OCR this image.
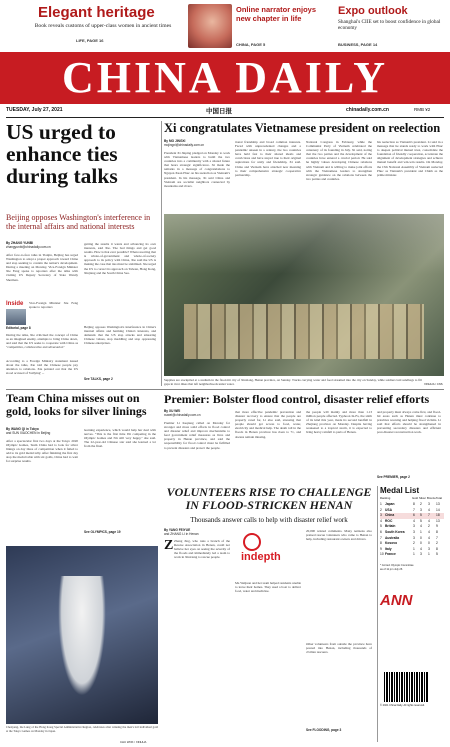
Elegant heritage
Book reveals customs of upper-class women in ancient times
LIFE, PAGE 16
Online narrator enjoys new chapter in life
CHINA, PAGE 5
Expo outlook
Shanghai's CIIE set to boost confidence in global economy
BUSINESS, PAGE 14
CHINA DAILY
TUESDAY, July 27, 2021	中国日报	chinadaily.com.cn	RMB ¥2
US urged to enhance ties during talks
Beijing opposes Washington's interference in the internal affairs and national interests
By ZHANG YUNBI
zhangyunbi@chinadaily.com.cn
After face-to-face talks in Tianjin, Beijing has urged Washington to adopt a proper approach toward China and stop seeking to contain the nation's development. During a meeting on Monday, Vice-Foreign Minister Xie Feng spoke to reporters after the talks with visiting US Deputy Secretary of State Wendy Sherman.
Inside Vice-Foreign Minister Xie Feng spoke to reporters
Editorial, page 8
During the talks, Xie criticized the concept of China as an imagined enemy, attempts to bring China down, and said that the US seeks to cooperate with China as "competitive, collaborative and adversarial."
According to a Foreign Ministry statement issued about the talks, Xie told the Chinese people pay attention to relations. Xie pointed out that the US stood accused of 'bullying' ...
getting the results it wants and advancing its own interests, said Xie. The bad things and get good results. How is that ever possible? When resorting that is whole-of-government and whole-of-society approach to its policy with China, Xie said the US is making the case that ties must be stabilized. Xie urged the US to correct its approach on Taiwan, Hong Kong, Xinjiang and the South China Sea.
Beijing opposes Washington's interference in China's internal affairs and harming China's interests, and demands that the US stop attacks and smearing Chinese values, stop meddling and stop oppressing Chinese enterprises.
See TALKS, page 2
Xi congratulates Vietnamese president on reelection
By MO JINGXI
mojingxi@chinadaily.com.cn
President Xi Jinping pledged on Monday to work with Vietnamese leaders to build the two countries into a community with a shared future that bears strategic significance. Xi made the remarks in a message of congratulations to Nguyen Xuan Phuc on his reelection as Vietnam's president. In his message, Xi said China and Vietnam are socialist neighbors connected by mountains and rivers.
tional friendship and broad common interests. Faced with unprecedented changes and a pandemic unseen in a century, the two countries have held fast to their shared ideals and convictions and have stayed true to their original aspirations for unity and friendship, Xi said. China and Vietnam have attached new meaning to their comprehensive strategic cooperative partnership.
National Congress in February, while the Communist Party of Vietnam celebrated the centenary of its founding in July. Xi said, noting that the two parties and the development of the countries have entered a crucial period. He said he highly values developing Chinese relations with Vietnam and is willing to make joint efforts with the Vietnamese leaders to strengthen strategic guidance on the relations between the two parties and countries.
his reelection as Vietnam's president. Li said in a message that he stands ready to work with Phuc to deepen political mutual trust, consolidate the foundation of friendly cooperation, accelerate the alignment of development strategies and achieve mutual benefit and win-win results. On Monday, the 15th National Assembly of Vietnam reelected Phuc as Vietnam's president and Chinh as the prime minister.
Supplies are stockpiled at a stadium in the flood-hit city of Xinxiang, Henan province, on Sunday. Trucks carrying water and food streamed into the city on Sunday, while soldiers laid sandbags to fill gaps in river dikes that left neighborhoods under water.	XINHUA / CNS
Premier: Bolster flood control, disaster relief efforts
By XU WEI
xuwei@chinadaily.com.cn
Premier Li Keqiang called on Monday for stronger and more solid efforts in flood control and disaster relief and improve mechanisms to feed government relief measures as lives and property in Henan province, and said the responsibility for flood control must be fulfilled to prevent disasters and protect the people.
that more effective pandemic prevention and disaster recovery to ensure that the people are properly cared for, Li also said, stressing that people should get access to food, water, electricity and medical help. The death toll in the floods in Henan province has risen to 71, and dozens remain missing.
the people will mainly and more than 1.13 million people affected. Typhoon In-Fa, the sixth of its kind this year, made its second landfall in Zhejiang province on Monday. Despite having weakened to a tropical storm, it is expected to bring heavy rainfall to parts of Henan.
and property must always come first, and flood-hit areas such as Henan must continue to prioritize rescuing and helping flood victims. Li said that efforts should be strengthened in preventing secondary disasters and efficient post-disaster reconstruction work.
See PREMIER, page 2
Team China misses out on gold, looks for silver linings
By WANG QI in Tokyo
and SUN XIAOCHEN in Beijing
After a spectacular first two days at the Tokyo 2020 Olympic Games, Team China had to look for silver linings on day three of competition when it failed to add to its gold medal tally. After finishing the first day atop the medal table with six golds, China had to wait for surprise results.
learning experience, which would help her deal with nerves. "This is the first time I'm competing in the Olympic Games and I'm still very happy," she said. The 22-year-old Chinese star said she learned a lot from the final.
See OLYMPICS, page 19
Chenyang, the Lung of the Hong Kong Special Administrative Region, celebrates after winning the men's foil individual gold at the Tokyo Games on Monday in Japan.
CHU WOK / XINHUA
VOLUNTEERS RISE TO CHALLENGE IN FLOOD-STRICKEN HENAN
Thousands answer calls to help with disaster relief work
By YANG FEIYUE
and ZHANG LI in Henan
Z Zhang Jing, who runs a branch of the Rescue Association in Henan, could not believe her eyes on seeing the severity of the floods and immediately led a team to work in Xinxiang to rescue people.	indepth
Ma Weijuan and her team helped residents unable to leave their homes. They used a boat to deliver food, water and medicine.
20,000 related comments. Many netizens also praised rescue volunteers who came to Henan to help, including restaurant owners and drivers.
Other volunteers from outside the province have poured into Henan, including thousands of civilian rescuers.
See FLOODING, page 3
Medal List
Ranking	Gold Silver Bronze Total
1 Japan	8 2 3 13
2 USA	7 3 4 14
3 China	6 5 7 18
4 ROC	4 5 4 13
5 Britain	3 4 2 9
6 South Korea	3 1 4 8
7 Australia	3 0 4 7
8 Kosovo	2 0 0 2
9 Italy	1 4 3 8
10 France	1 3 1 5
* Correct Olympic Committee
as of 11 pm July 26
ANN
© 2021 China Daily. All rights reserved.
